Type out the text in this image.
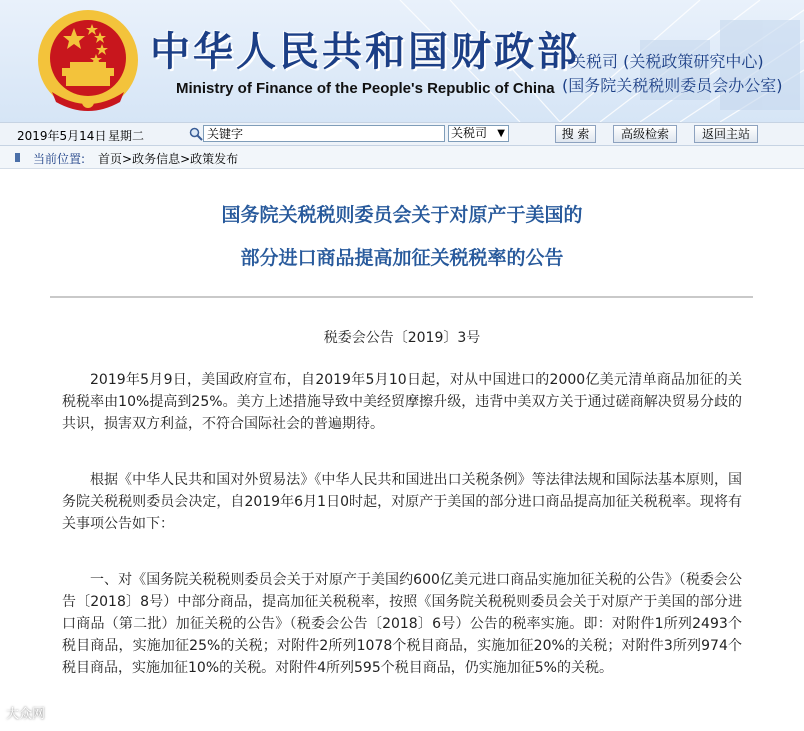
中华人民共和国财政部
Ministry of Finance of the People's Republic of China
关税司 (关税政策研究中心)
(国务院关税税则委员会办公室)
2019年5月14日 星期二
关键字	关税司 ▼	搜 索	高级检索	返回主站
当前位置: 首页>政务信息>政策发布
国务院关税税则委员会关于对原产于美国的
部分进口商品提高加征关税税率的公告
税委会公告〔2019〕3号

2019年5月9日，美国政府宣布，自2019年5月10日起，对从中国进口的2000亿美元清单商品加征的关税税率由10%提高到25%。美方上述措施导致中美经贸摩擦升级，违背中美双方关于通过磋商解决贸易分歧的共识，损害双方利益，不符合国际社会的普遍期待。

根据《中华人民共和国对外贸易法》《中华人民共和国进出口关税条例》等法律法规和国际法基本原则，国务院关税税则委员会决定，自2019年6月1日0时起，对原产于美国的部分进口商品提高加征关税税率。现将有关事项公告如下：

一、对《国务院关税税则委员会关于对原产于美国约600亿美元进口商品实施加征关税的公告》（税委会公告〔2018〕8号）中部分商品，提高加征关税税率，按照《国务院关税税则委员会关于对原产于美国的部分进口商品（第二批）加征关税的公告》（税委会公告〔2018〕6号）公告的税率实施。即：对附件1所列2493个税目商品，实施加征25%的关税；对附件2所列1078个税目商品，实施加征20%的关税；对附件3所列974个税目商品，实施加征10%的关税。对附件4所列595个税目商品，仍实施加征5%的关税。

大众网
